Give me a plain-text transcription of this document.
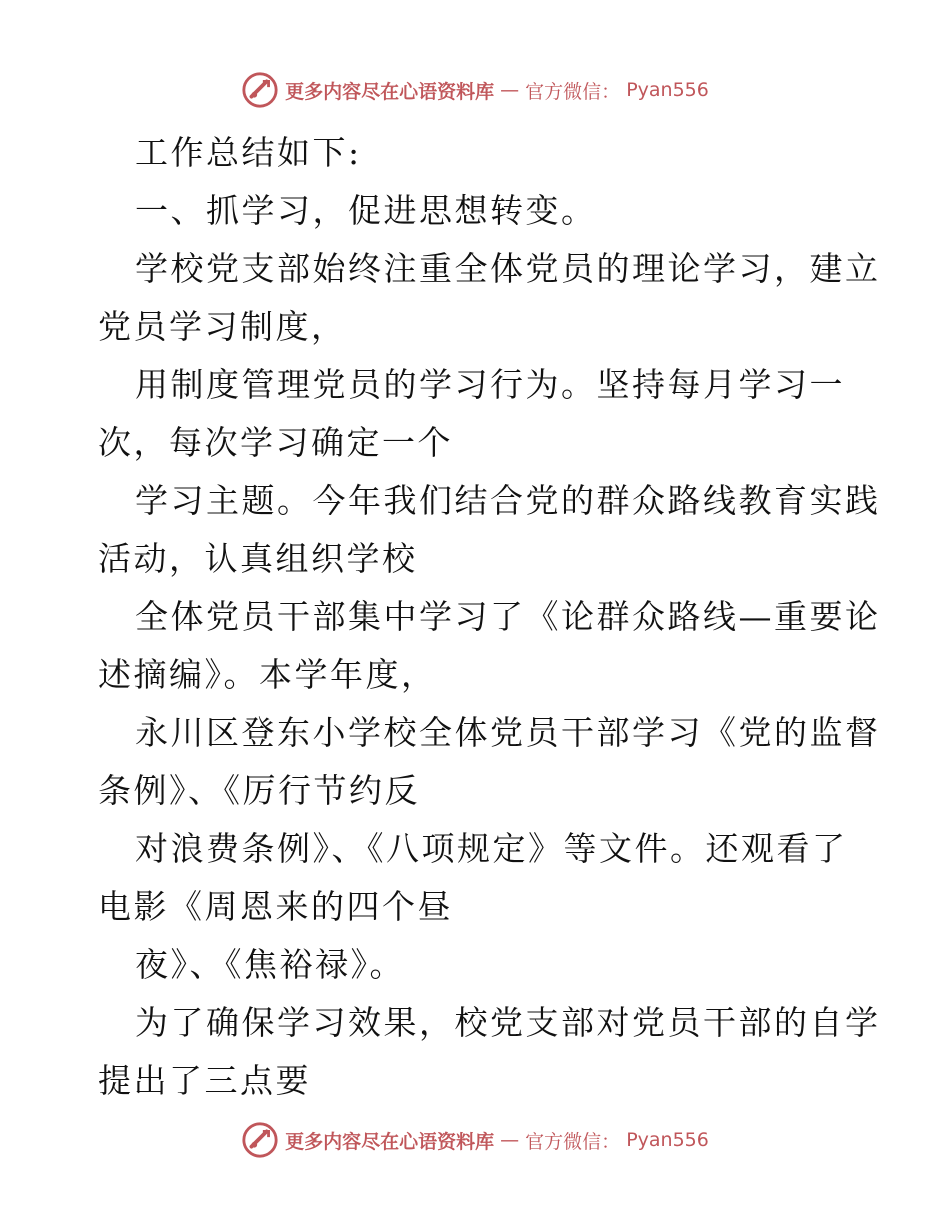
更多内容尽在心语资料库 — 官方微信： Pyan556
工作总结如下:
一、抓学习，促进思想转变。
学校党支部始终注重全体党员的理论学习，建立
党员学习制度，
用制度管理党员的学习行为。坚持每月学习一
次，每次学习确定一个
学习主题。今年我们结合党的群众路线教育实践
活动，认真组织学校
全体党员干部集中学习了《论群众路线—重要论
述摘编》。本学年度，
永川区登东小学校全体党员干部学习《党的监督
条例》、《厉行节约反
对浪费条例》、《八项规定》等文件。还观看了
电影《周恩来的四个昼
夜》、《焦裕禄》。
为了确保学习效果，校党支部对党员干部的自学
提出了三点要
更多内容尽在心语资料库 — 官方微信： Pyan556
